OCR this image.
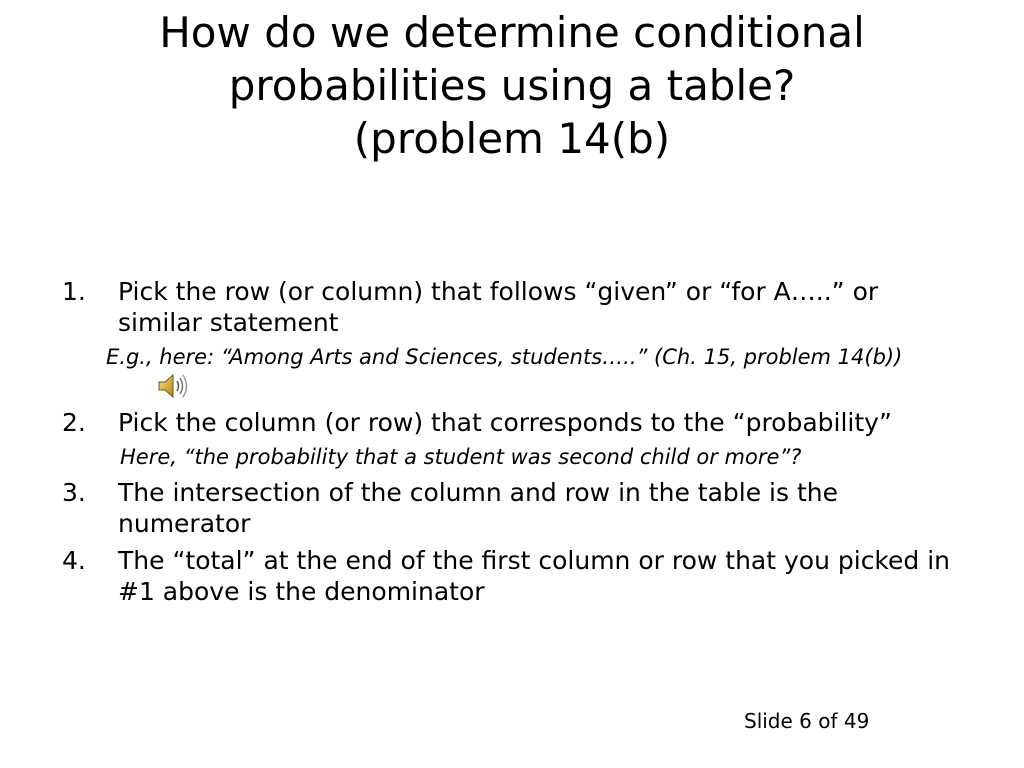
How do we determine conditional
probabilities using a table?
(problem 14(b)
1. Pick the row (or column) that follows “given” or “for A…..” or similar statement
E.g., here: “Among Arts and Sciences, students…..” (Ch. 15, problem 14(b))
2. Pick the column (or row) that corresponds to the “probability”
Here, “the probability that a student was second child or more”?
3. The intersection of the column and row in the table is the numerator
4. The “total” at the end of the first column or row that you picked in #1 above is the denominator
Slide 6 of 49
